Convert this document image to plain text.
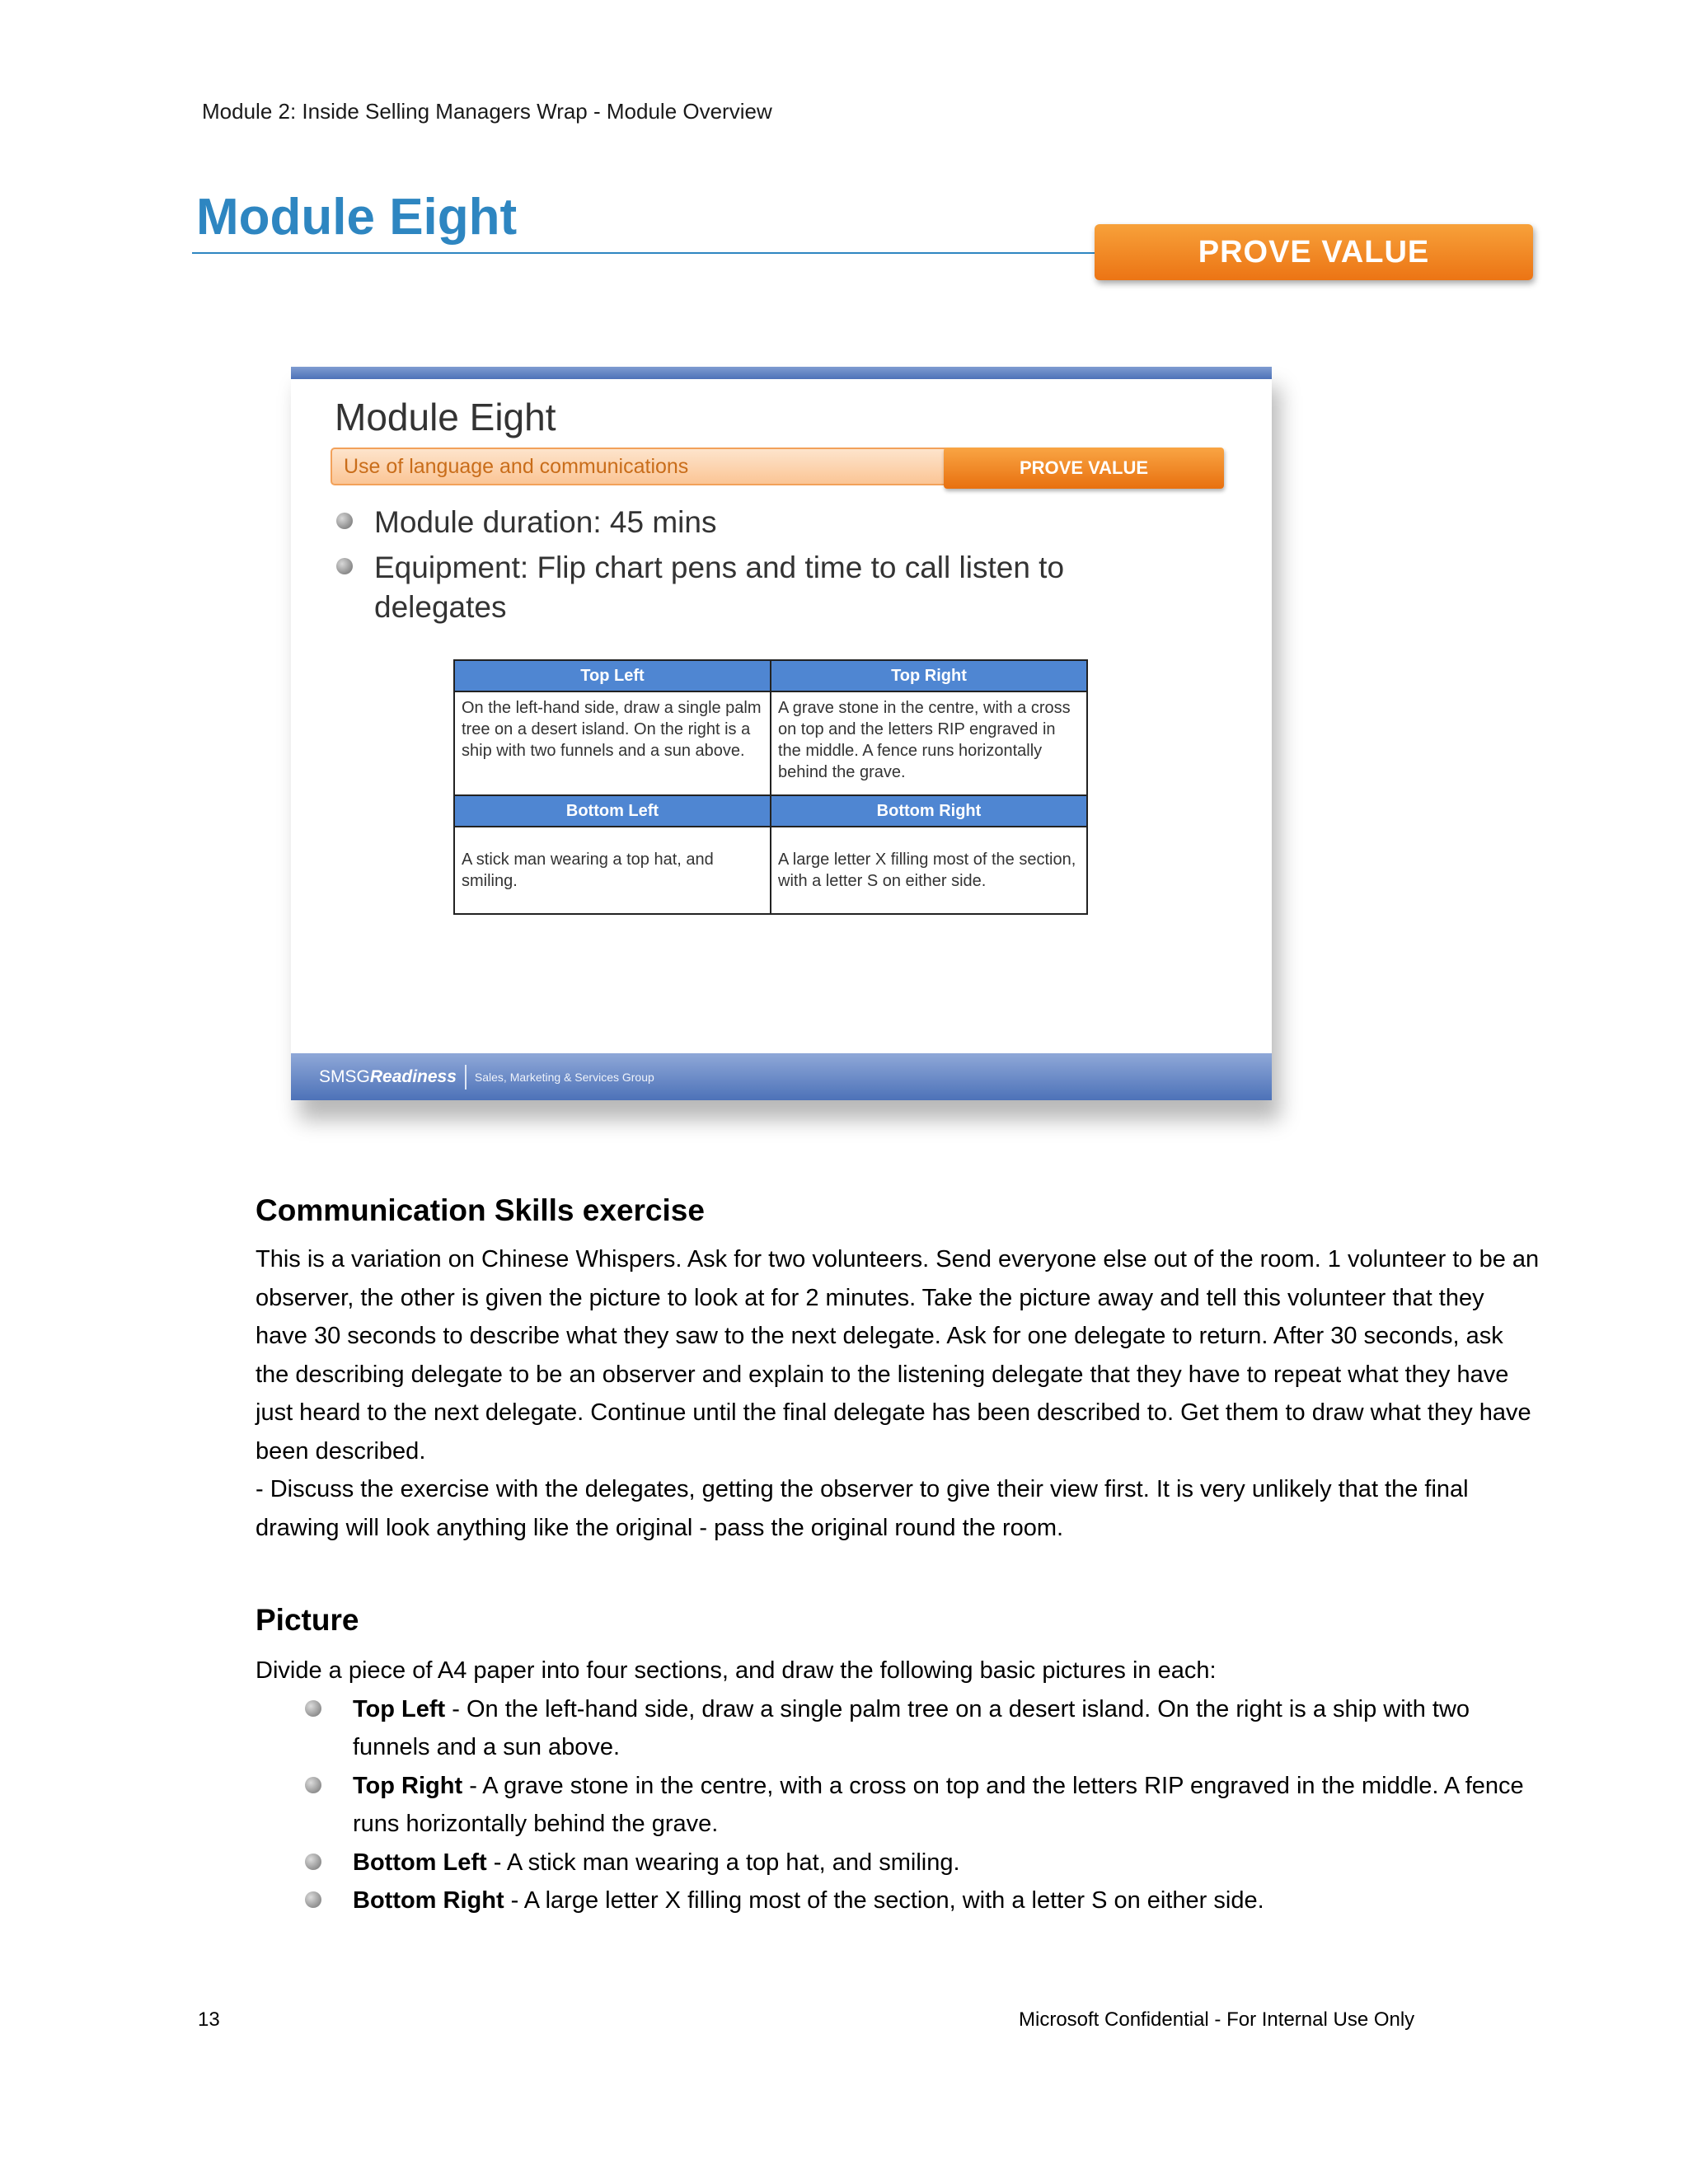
Module 2: Inside Selling Managers Wrap - Module Overview
Module Eight
PROVE VALUE
Module Eight
Use of language and communications	PROVE VALUE
Module duration: 45 mins
Equipment: Flip chart pens and time to call listen to delegates
Top Left	Top Right
On the left-hand side, draw a single palm tree on a desert island. On the right is a ship with two funnels and a sun above.	A grave stone in the centre, with a cross on top and the letters RIP engraved in the middle. A fence runs horizontally behind the grave.
Bottom Left	Bottom Right
A stick man wearing a top hat, and smiling.	A large letter X filling most of the section, with a letter S on either side.
SMSGReadiness Sales, Marketing & Services Group
Communication Skills exercise

This is a variation on Chinese Whispers. Ask for two volunteers. Send everyone else out of the room. 1 volunteer to be an observer, the other is given the picture to look at for 2 minutes. Take the picture away and tell this volunteer that they have 30 seconds to describe what they saw to the next delegate. Ask for one delegate to return. After 30 seconds, ask the describing delegate to be an observer and explain to the listening delegate that they have to repeat what they have just heard to the next delegate. Continue until the final delegate has been described to. Get them to draw what they have been described.

- Discuss the exercise with the delegates, getting the observer to give their view first. It is very unlikely that the final drawing will look anything like the original - pass the original round the room.

Picture
Divide a piece of A4 paper into four sections, and draw the following basic pictures in each:
Top Left - On the left-hand side, draw a single palm tree on a desert island. On the right is a ship with two funnels and a sun above.
Top Right - A grave stone in the centre, with a cross on top and the letters RIP engraved in the middle. A fence runs horizontally behind the grave.
Bottom Left - A stick man wearing a top hat, and smiling.
Bottom Right - A large letter X filling most of the section, with a letter S on either side.
13	Microsoft Confidential - For Internal Use Only
